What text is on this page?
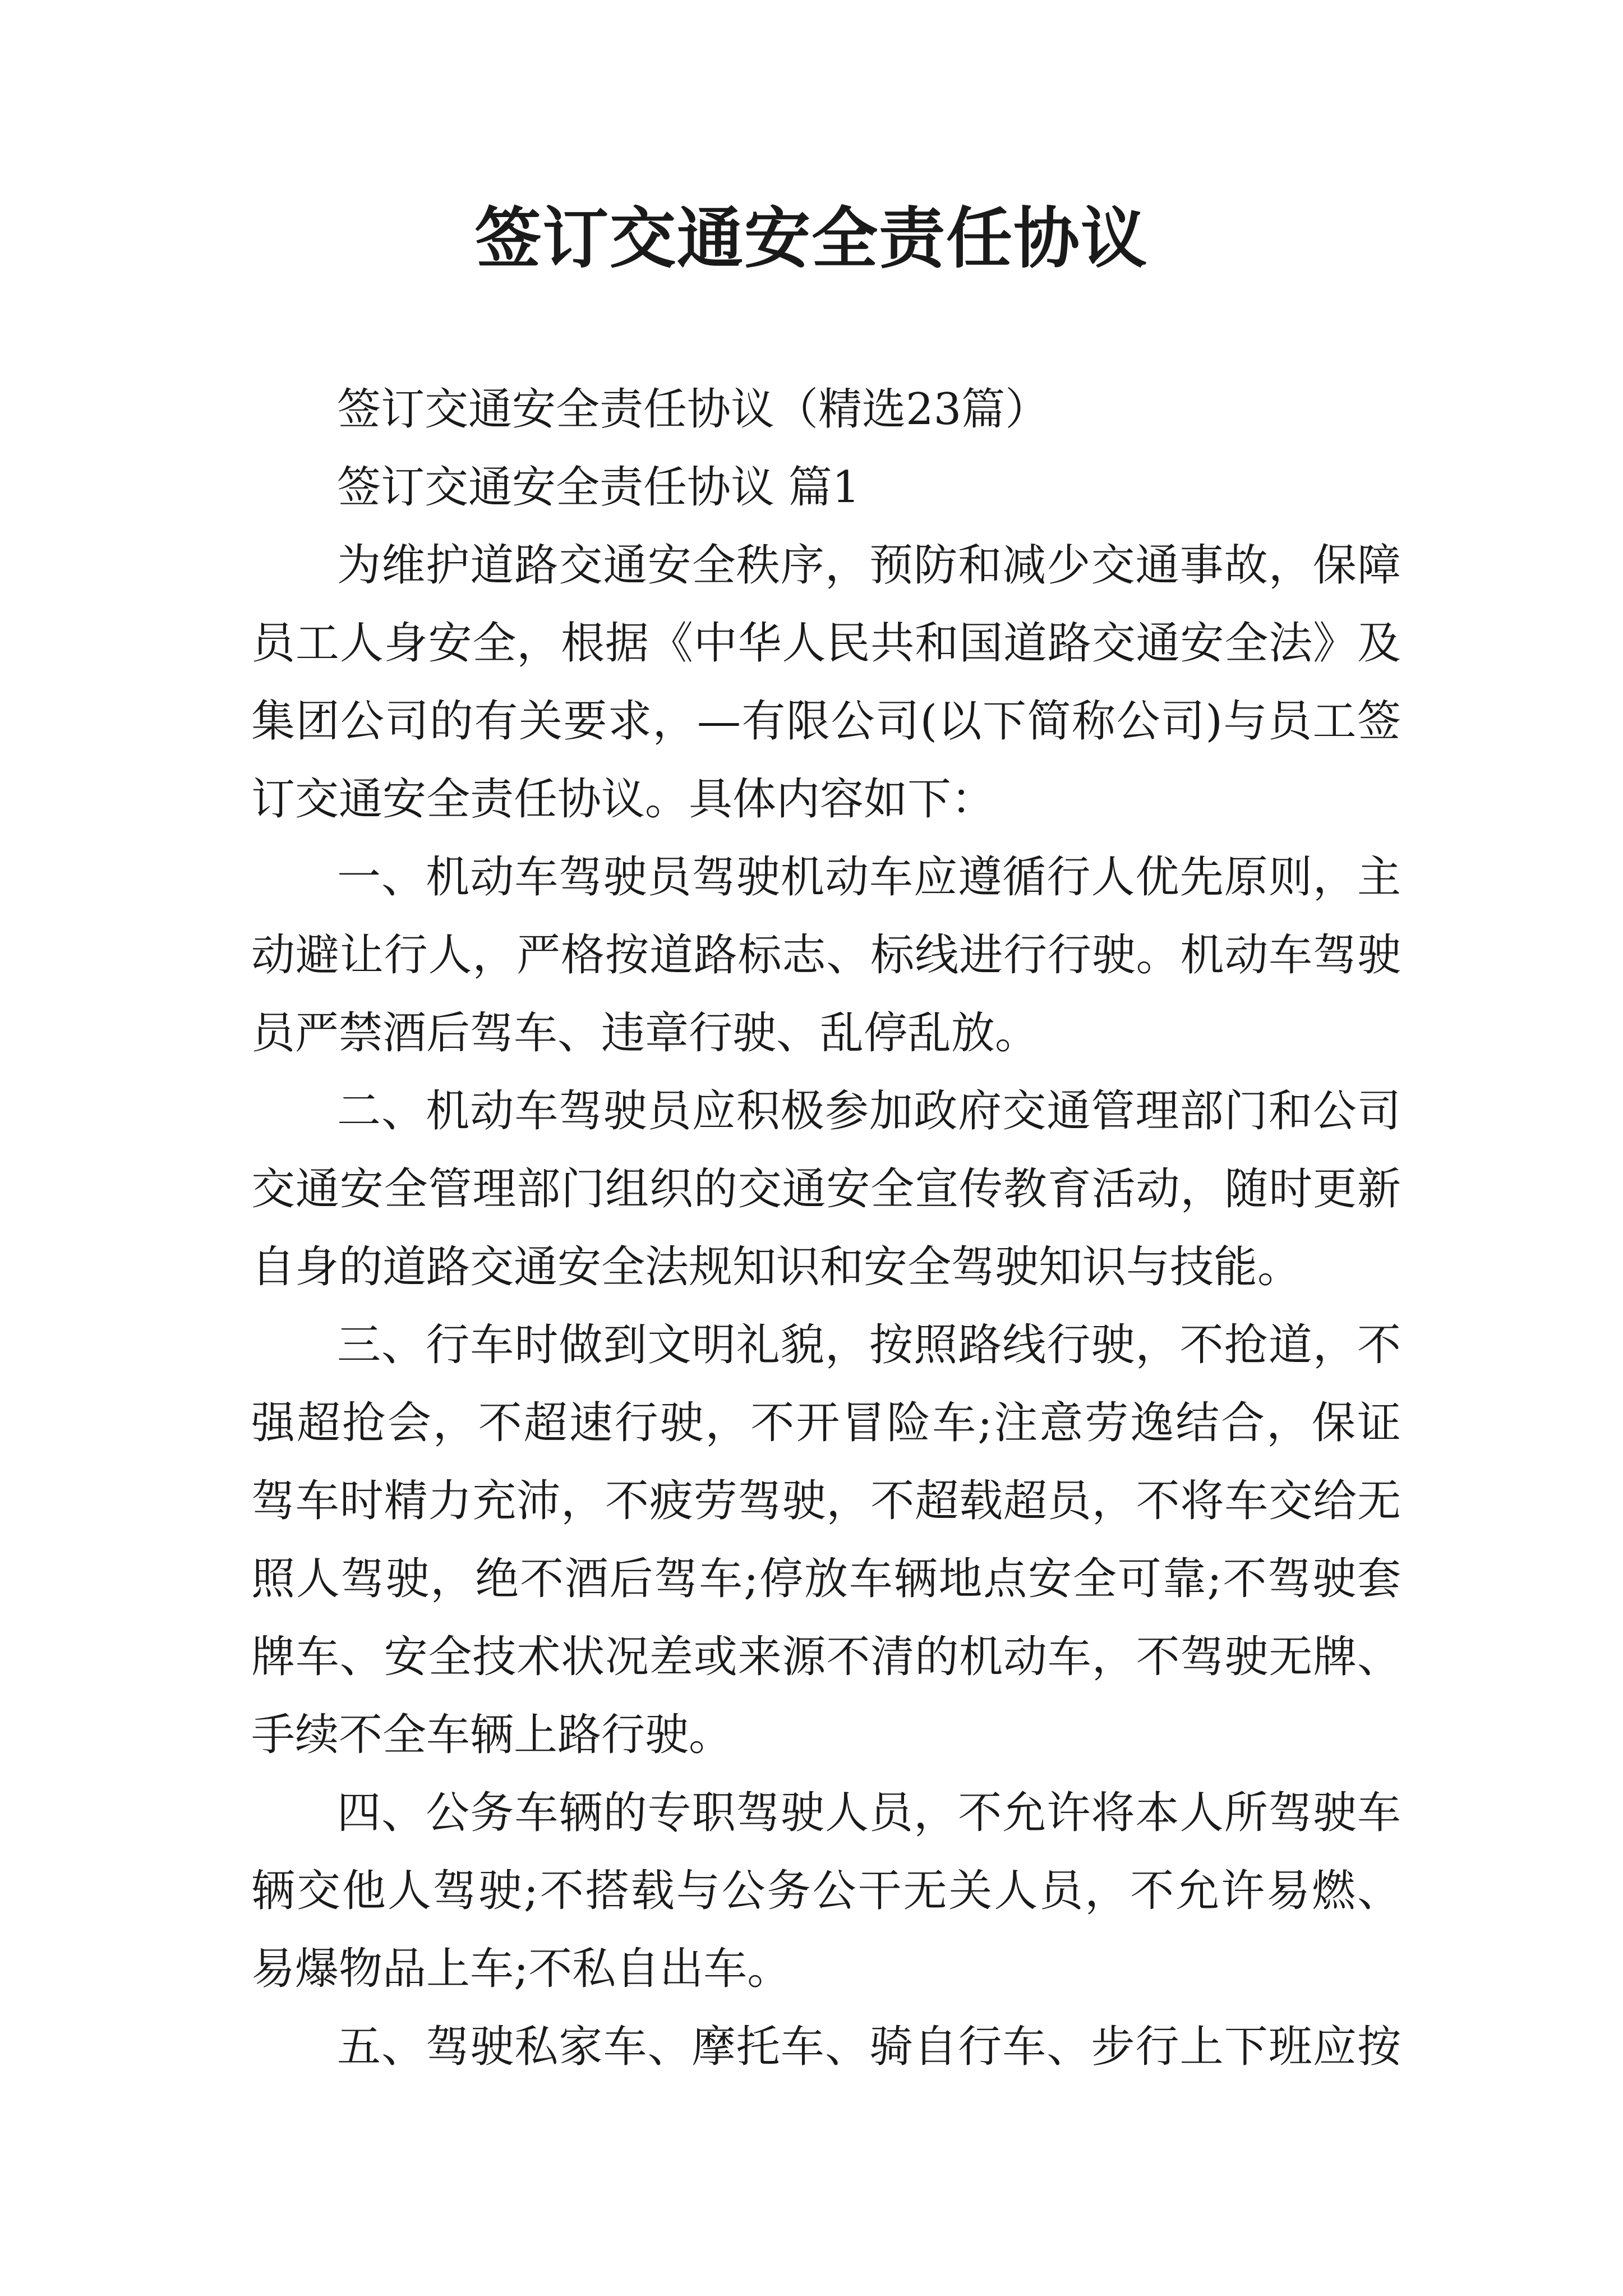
签订交通安全责任协议
签订交通安全责任协议（精选23篇）
签订交通安全责任协议 篇1
为维护道路交通安全秩序，预防和减少交通事故，保障
员工人身安全，根据《中华人民共和国道路交通安全法》及
集团公司的有关要求，—有限公司(以下简称公司)与员工签
订交通安全责任协议。具体内容如下：
一、机动车驾驶员驾驶机动车应遵循行人优先原则，主
动避让行人，严格按道路标志、标线进行行驶。机动车驾驶
员严禁酒后驾车、违章行驶、乱停乱放。
二、机动车驾驶员应积极参加政府交通管理部门和公司
交通安全管理部门组织的交通安全宣传教育活动，随时更新
自身的道路交通安全法规知识和安全驾驶知识与技能。
三、行车时做到文明礼貌，按照路线行驶，不抢道，不
强超抢会，不超速行驶，不开冒险车;注意劳逸结合，保证
驾车时精力充沛，不疲劳驾驶，不超载超员，不将车交给无
照人驾驶，绝不酒后驾车;停放车辆地点安全可靠;不驾驶套
牌车、安全技术状况差或来源不清的机动车，不驾驶无牌、
手续不全车辆上路行驶。
四、公务车辆的专职驾驶人员，不允许将本人所驾驶车
辆交他人驾驶;不搭载与公务公干无关人员，不允许易燃、
易爆物品上车;不私自出车。
五、驾驶私家车、摩托车、骑自行车、步行上下班应按
